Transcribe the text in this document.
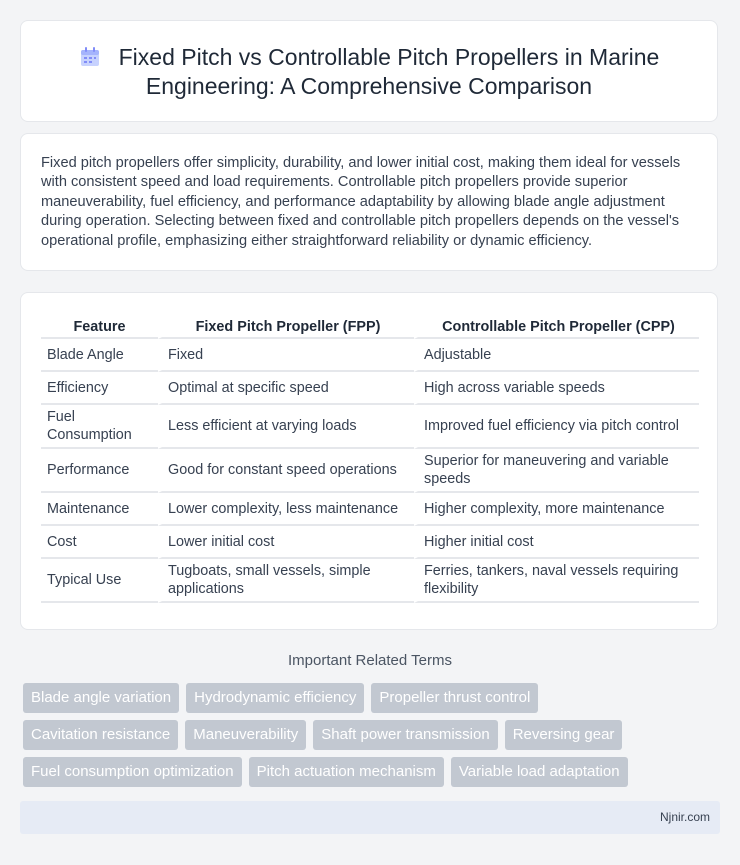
Fixed Pitch vs Controllable Pitch Propellers in Marine
Engineering: A Comprehensive Comparison
Fixed pitch propellers offer simplicity, durability, and lower initial cost, making them ideal for vessels with consistent speed and load requirements. Controllable pitch propellers provide superior maneuverability, fuel efficiency, and performance adaptability by allowing blade angle adjustment during operation. Selecting between fixed and controllable pitch propellers depends on the vessel's operational profile, emphasizing either straightforward reliability or dynamic efficiency.
Feature	Fixed Pitch Propeller (FPP)	Controllable Pitch Propeller (CPP)
Blade Angle	Fixed	Adjustable
Efficiency	Optimal at specific speed	High across variable speeds
Fuel Consumption	Less efficient at varying loads	Improved fuel efficiency via pitch control
Performance	Good for constant speed operations	Superior for maneuvering and variable speeds
Maintenance	Lower complexity, less maintenance	Higher complexity, more maintenance
Cost	Lower initial cost	Higher initial cost
Typical Use	Tugboats, small vessels, simple applications	Ferries, tankers, naval vessels requiring flexibility
Important Related Terms
Blade angle variation	Hydrodynamic efficiency	Propeller thrust control
Cavitation resistance	Maneuverability	Shaft power transmission	Reversing gear
Fuel consumption optimization	Pitch actuation mechanism	Variable load adaptation
Njnir.com
